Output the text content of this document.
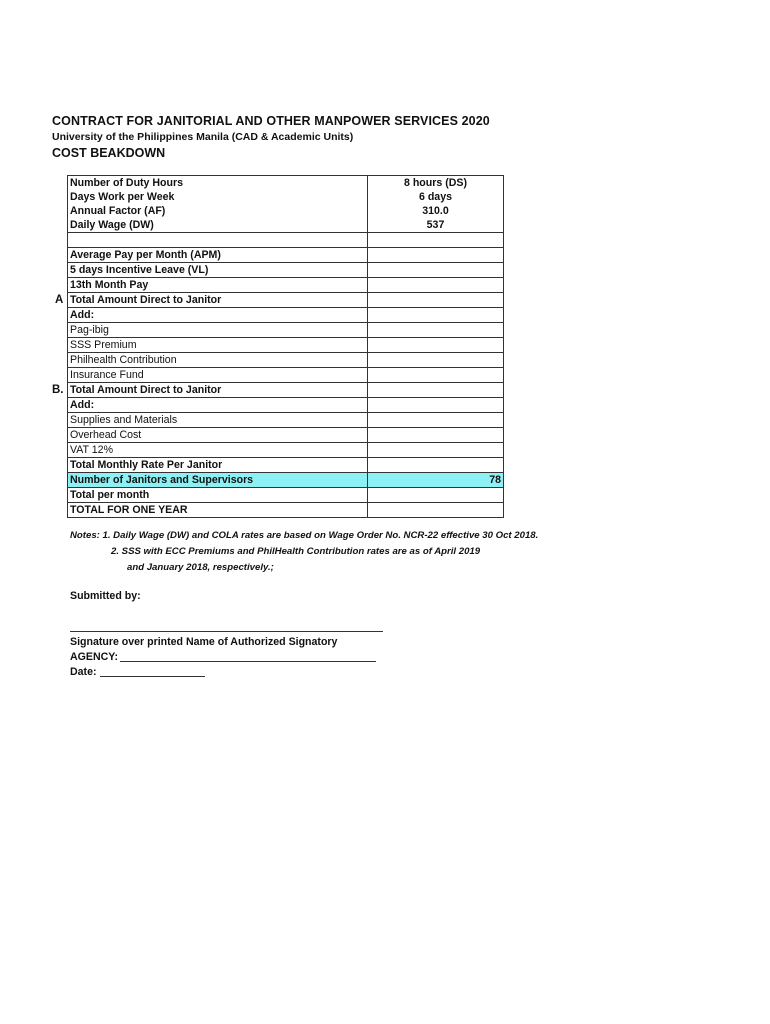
CONTRACT FOR JANITORIAL AND OTHER MANPOWER SERVICES 2020
University of the Philippines Manila (CAD & Academic Units)
COST BEAKDOWN
Number of Duty Hours	8 hours (DS)
Days Work per Week	6 days
Annual Factor (AF)	310.0
Daily Wage (DW)	537

Average Pay per Month (APM)	
5 days Incentive Leave (VL)	
13th Month Pay	

A Total Amount Direct to Janitor	
Add:	
Pag-ibig	
SSS Premium	
Philhealth Contribution	
Insurance Fund	

B. Total Amount Direct to Janitor	
Add:	
Supplies and Materials	
Overhead Cost	
VAT 12%	
Total Monthly Rate Per Janitor	
Number of Janitors and Supervisors	78
Total per month	
TOTAL FOR ONE YEAR	
Notes: 1. Daily Wage (DW) and COLA rates are based on Wage Order No. NCR-22 effective 30 Oct 2018.
2. SSS with ECC Premiums and PhilHealth Contribution rates are as of April 2019
and January 2018, respectively.;
Submitted by:
Signature over printed Name of Authorized Signatory
AGENCY:
Date:
